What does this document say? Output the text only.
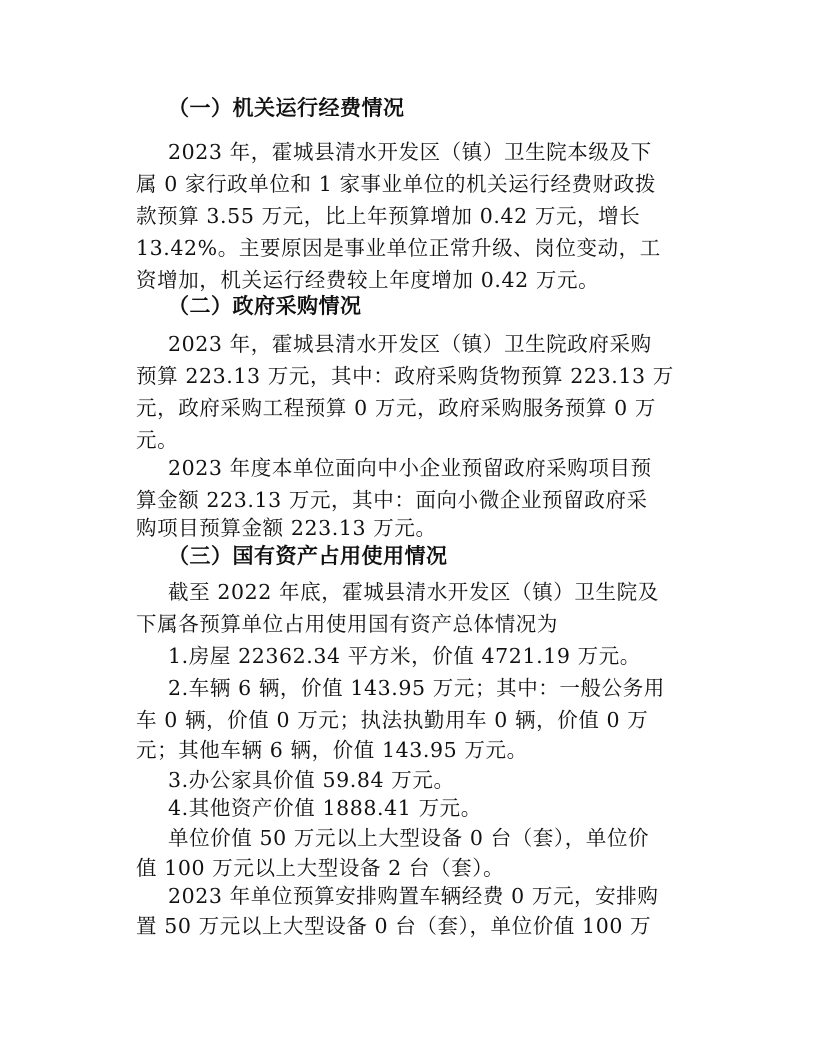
（一）机关运行经费情况
2023 年，霍城县清水开发区（镇）卫生院本级及下
属 0 家行政单位和 1 家事业单位的机关运行经费财政拨
款预算 3.55 万元，比上年预算增加 0.42 万元，增长
13.42%。主要原因是事业单位正常升级、岗位变动，工
资增加，机关运行经费较上年度增加 0.42 万元。
（二）政府采购情况
2023 年，霍城县清水开发区（镇）卫生院政府采购
预算 223.13 万元，其中：政府采购货物预算 223.13 万
元，政府采购工程预算 0 万元，政府采购服务预算 0 万
元。
2023 年度本单位面向中小企业预留政府采购项目预
算金额 223.13 万元，其中：面向小微企业预留政府采
购项目预算金额 223.13 万元。
（三）国有资产占用使用情况
截至 2022 年底，霍城县清水开发区（镇）卫生院及
下属各预算单位占用使用国有资产总体情况为
1.房屋 22362.34 平方米，价值 4721.19 万元。
2.车辆 6 辆，价值 143.95 万元；其中：一般公务用
车 0 辆，价值 0 万元；执法执勤用车 0 辆，价值 0 万
元；其他车辆 6 辆，价值 143.95 万元。
3.办公家具价值 59.84 万元。
4.其他资产价值 1888.41 万元。
单位价值 50 万元以上大型设备 0 台（套），单位价
值 100 万元以上大型设备 2 台（套）。
2023 年单位预算安排购置车辆经费 0 万元，安排购
置 50 万元以上大型设备 0 台（套），单位价值 100 万
